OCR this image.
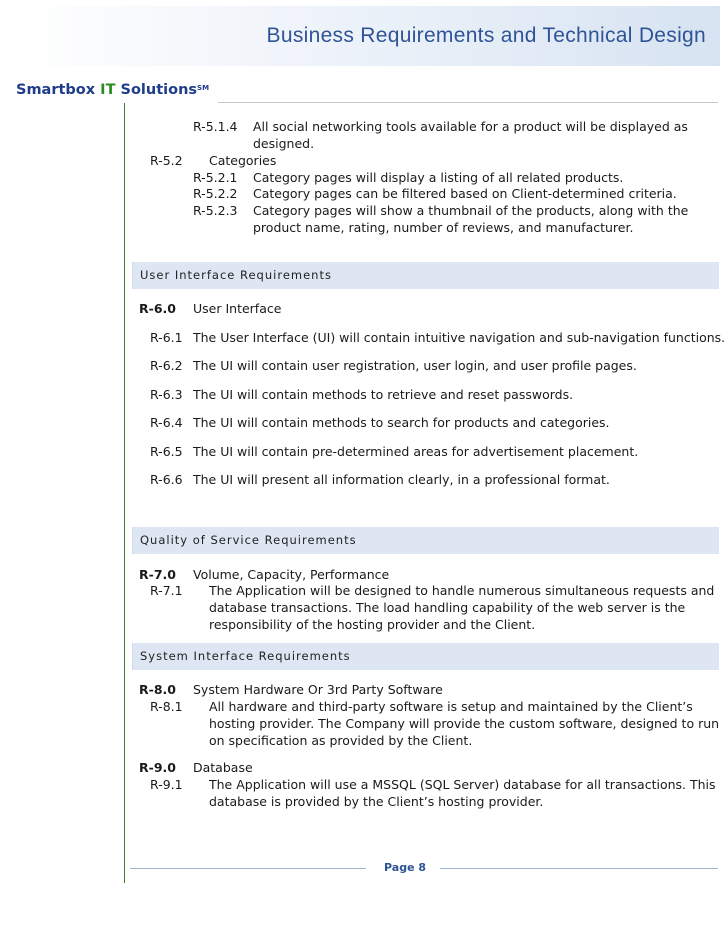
Business Requirements and Technical Design
Smartbox IT Solutions℠
R-5.1.4 All social networking tools available for a product will be displayed as
designed.
R-5.2 Categories
R-5.2.1 Category pages will display a listing of all related products.
R-5.2.2 Category pages can be filtered based on Client-determined criteria.
R-5.2.3 Category pages will show a thumbnail of the products, along with the
product name, rating, number of reviews, and manufacturer.
User Interface Requirements
R-6.0 User Interface
R-6.1 The User Interface (UI) will contain intuitive navigation and sub-navigation functions.
R-6.2 The UI will contain user registration, user login, and user profile pages.
R-6.3 The UI will contain methods to retrieve and reset passwords.
R-6.4 The UI will contain methods to search for products and categories.
R-6.5 The UI will contain pre-determined areas for advertisement placement.
R-6.6 The UI will present all information clearly, in a professional format.
Quality of Service Requirements
R-7.0 Volume, Capacity, Performance
R-7.1 The Application will be designed to handle numerous simultaneous requests and
database transactions. The load handling capability of the web server is the
responsibility of the hosting provider and the Client.
System Interface Requirements
R-8.0 System Hardware Or 3rd Party Software
R-8.1 All hardware and third-party software is setup and maintained by the Client’s
hosting provider. The Company will provide the custom software, designed to run
on specification as provided by the Client.
R-9.0 Database
R-9.1 The Application will use a MSSQL (SQL Server) database for all transactions. This
database is provided by the Client’s hosting provider.
Page 8
